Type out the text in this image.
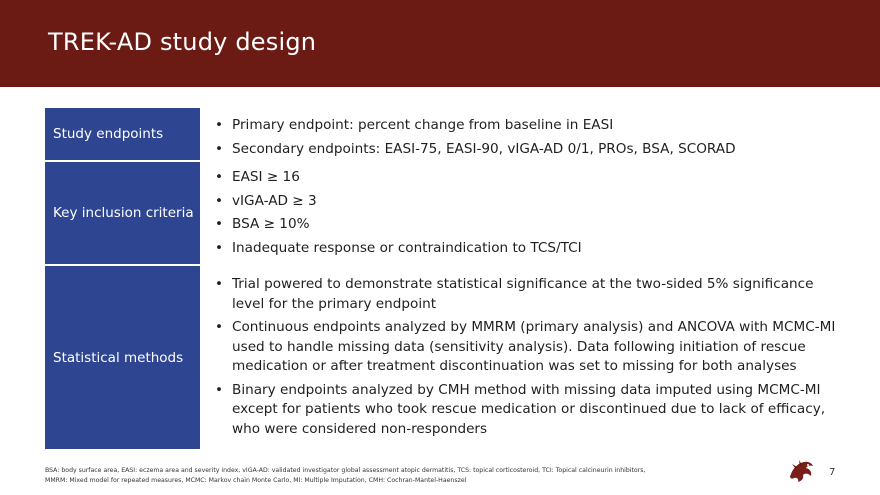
TREK-AD study design
Study endpoints
• Primary endpoint: percent change from baseline in EASI
• Secondary endpoints: EASI-75, EASI-90, vIGA-AD 0/1, PROs, BSA, SCORAD
Key inclusion criteria
• EASI ≥ 16
• vIGA-AD ≥ 3
• BSA ≥ 10%
• Inadequate response or contraindication to TCS/TCI
Statistical methods
• Trial powered to demonstrate statistical significance at the two-sided 5% significance level for the primary endpoint
• Continuous endpoints analyzed by MMRM (primary analysis) and ANCOVA with MCMC-MI used to handle missing data (sensitivity analysis). Data following initiation of rescue medication or after treatment discontinuation was set to missing for both analyses
• Binary endpoints analyzed by CMH method with missing data imputed using MCMC-MI except for patients who took rescue medication or discontinued due to lack of efficacy, who were considered non-responders
BSA: body surface area, EASI: eczema area and severity index, vIGA-AD: validated investigator global assessment atopic dermatitis, TCS: topical corticosteroid, TCI: Topical calcineurin inhibitors,
MMRM: Mixed model for repeated measures, MCMC: Markov chain Monte Carlo, MI: Multiple Imputation, CMH: Cochran-Mantel-Haenszel
7
